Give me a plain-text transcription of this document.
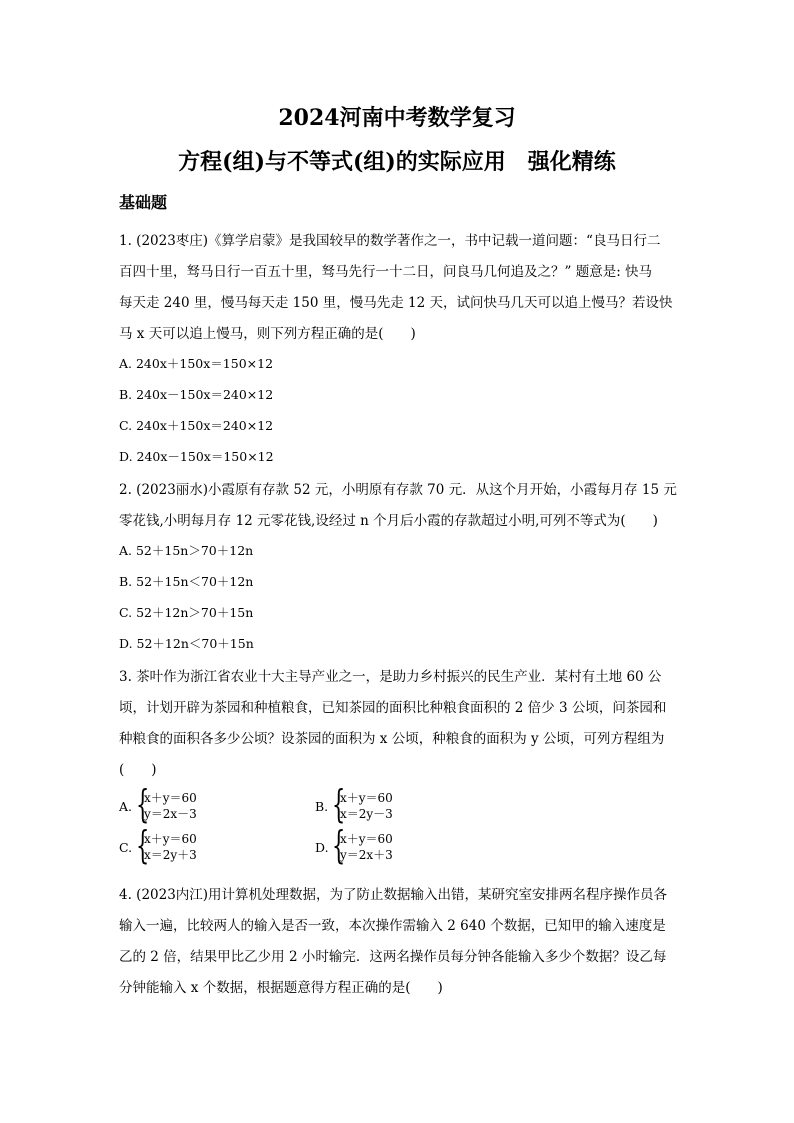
2024河南中考数学复习
方程(组)与不等式(组)的实际应用　强化精练
基础题
1. (2023枣庄)《算学启蒙》是我国较早的数学著作之一，书中记载一道问题：“良马日行二
百四十里，驽马日行一百五十里，驽马先行一十二日，问良马几何追及之？” 题意是: 快马
每天走 240 里，慢马每天走 150 里，慢马先走 12 天，试问快马几天可以追上慢马？若设快
马 x 天可以追上慢马，则下列方程正确的是(　　)
A. 240x＋150x＝150×12
B. 240x－150x＝240×12
C. 240x＋150x＝240×12
D. 240x－150x＝150×12
2. (2023丽水)小霞原有存款 52 元，小明原有存款 70 元．从这个月开始，小霞每月存 15 元
零花钱,小明每月存 12 元零花钱,设经过 n 个月后小霞的存款超过小明,可列不等式为(　　)
A. 52＋15n＞70＋12n
B. 52＋15n＜70＋12n
C. 52＋12n＞70＋15n
D. 52＋12n＜70＋15n
3. 茶叶作为浙江省农业十大主导产业之一，是助力乡村振兴的民生产业．某村有土地 60 公
顷，计划开辟为茶园和种植粮食，已知茶园的面积比种粮食面积的 2 倍少 3 公顷，问茶园和
种粮食的面积各多少公顷？设茶园的面积为 x 公顷，种粮食的面积为 y 公顷，可列方程组为
(　　)
A. {
x＋y＝60
y＝2x－3	B. {
x＋y＝60
x＝2y－3
C. {
x＋y＝60
x＝2y＋3	D. {
x＋y＝60
y＝2x＋3
4. (2023内江)用计算机处理数据，为了防止数据输入出错，某研究室安排两名程序操作员各
输入一遍，比较两人的输入是否一致，本次操作需输入 2 640 个数据，已知甲的输入速度是
乙的 2 倍，结果甲比乙少用 2 小时输完．这两名操作员每分钟各能输入多少个数据？设乙每
分钟能输入 x 个数据，根据题意得方程正确的是(　　)
